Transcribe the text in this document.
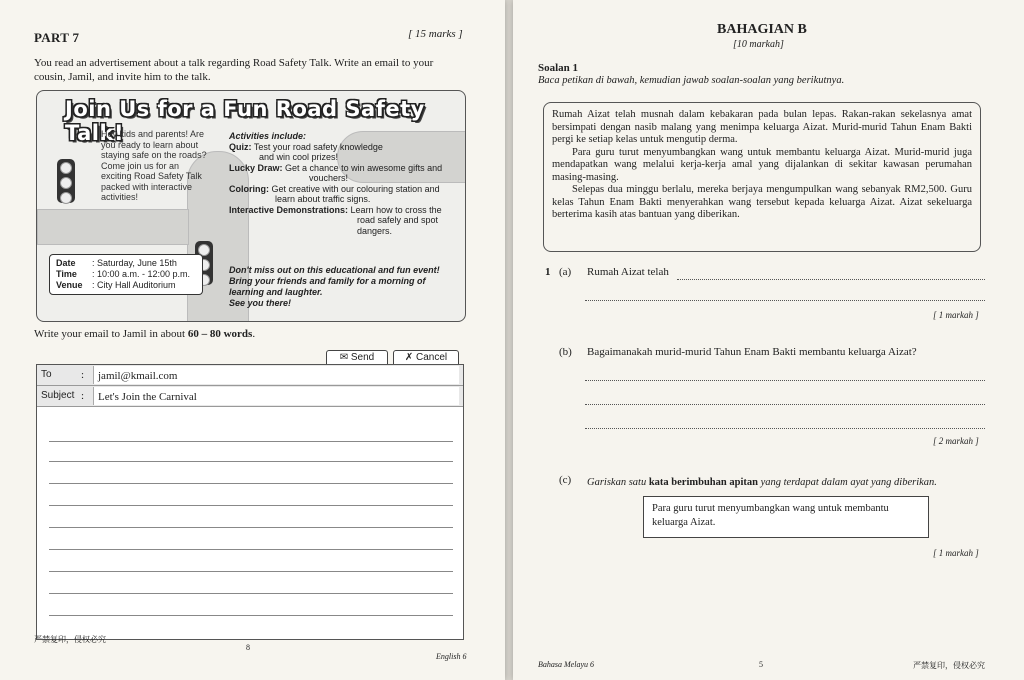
PART 7	[ 15 marks ]
You read an advertisement about a talk regarding Road Safety Talk. Write an email to your cousin, Jamil, and invite him to the talk.
Join Us for a Fun Road Safety Talk!
Hey kids and parents! Are you ready to learn about staying safe on the roads? Come join us for an exciting Road Safety Talk packed with interactive activities!
Activities include:
Quiz: Test your road safety knowledge
and win cool prizes!
Lucky Draw: Get a chance to win awesome gifts and
vouchers!
Coloring: Get creative with our colouring station and
learn about traffic signs.
Interactive Demonstrations: Learn how to cross the
road safely and spot
dangers.
Date : Saturday, June 15th
Time : 10:00 a.m. - 12:00 p.m.
Venue : City Hall Auditorium
Don't miss out on this educational and fun event!
Bring your friends and family for a morning of learning and laughter.
See you there!
Write your email to Jamil in about 60 – 80 words.
✉ Send	✗ Cancel
To	:	jamil@kmail.com
Subject :	Let's Join the Carnival
严禁复印，侵权必究
8
English 6
BAHAGIAN B
[10 markah]
Soalan 1
Baca petikan di bawah, kemudian jawab soalan-soalan yang berikutnya.
Rumah Aizat telah musnah dalam kebakaran pada bulan lepas. Rakan-rakan sekelasnya amat bersimpati dengan nasib malang yang menimpa keluarga Aizat. Murid-murid Tahun Enam Bakti pergi ke setiap kelas untuk mengutip derma.
Para guru turut menyumbangkan wang untuk membantu keluarga Aizat. Murid-murid juga mendapatkan wang melalui kerja-kerja amal yang dijalankan di sekitar kawasan perumahan masing-masing.
Selepas dua minggu berlalu, mereka berjaya mengumpulkan wang sebanyak RM2,500. Guru kelas Tahun Enam Bakti menyerahkan wang tersebut kepada keluarga Aizat. Aizat sekeluarga berterima kasih atas bantuan yang diberikan.
1 (a) Rumah Aizat telah
[ 1 markah ]
(b) Bagaimanakah murid-murid Tahun Enam Bakti membantu keluarga Aizat?
[ 2 markah ]
(c) Gariskan satu kata berimbuhan apitan yang terdapat dalam ayat yang diberikan.
Para guru turut menyumbangkan wang untuk membantu keluarga Aizat.
[ 1 markah ]
Bahasa Melayu 6	5	严禁复印，侵权必究
